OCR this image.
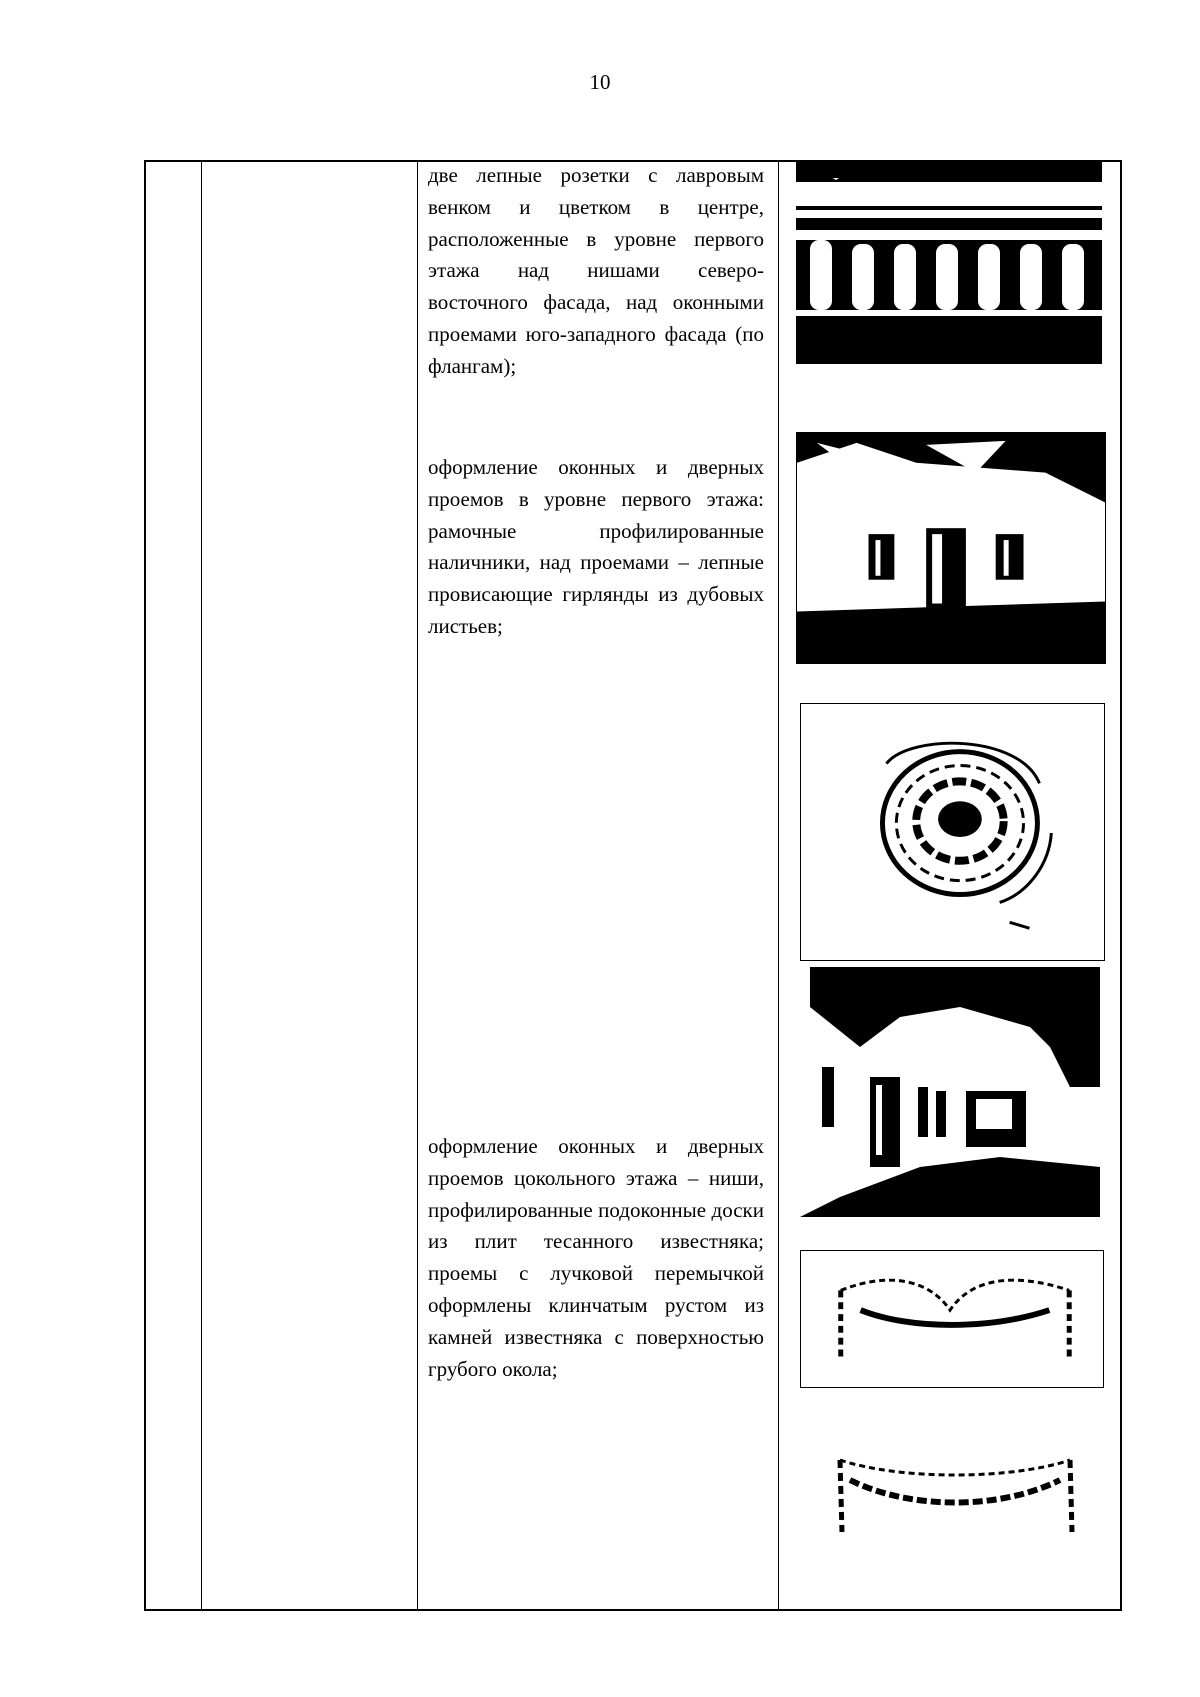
10
две лепные розетки с лавровым венком и цветком в центре, расположенные в уровне первого этажа над нишами северо-восточного фасада, над оконными проемами юго-западного фасада (по флангам);
оформление оконных и дверных проемов в уровне первого этажа: рамочные профилированные наличники, над проемами – лепные провисающие гирлянды из дубовых листьев;
оформление оконных и дверных проемов цокольного этажа – ниши, профилированные подоконные доски из плит тесанного известняка; проемы с лучковой перемычкой оформлены клинчатым рустом из камней известняка с поверхностью грубого окола;
